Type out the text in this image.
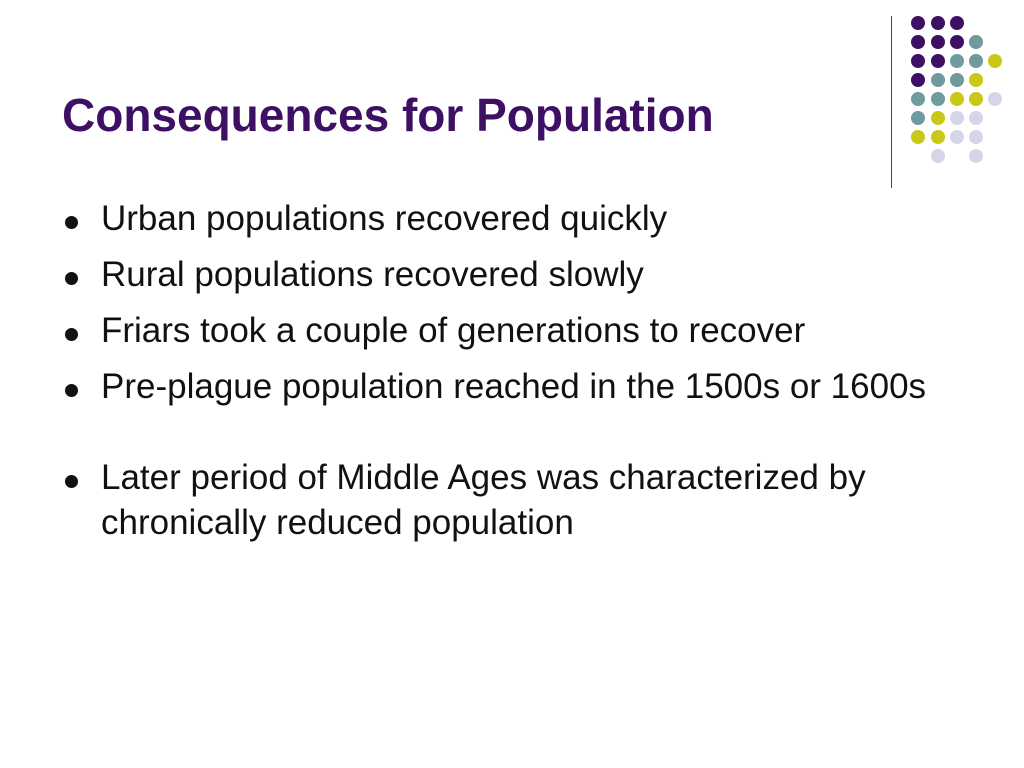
Consequences for Population
Urban populations recovered quickly
Rural populations recovered slowly
Friars took a couple of generations to recover
Pre-plague population reached in the 1500s or 1600s
Later period of Middle Ages was characterized by chronically reduced population
